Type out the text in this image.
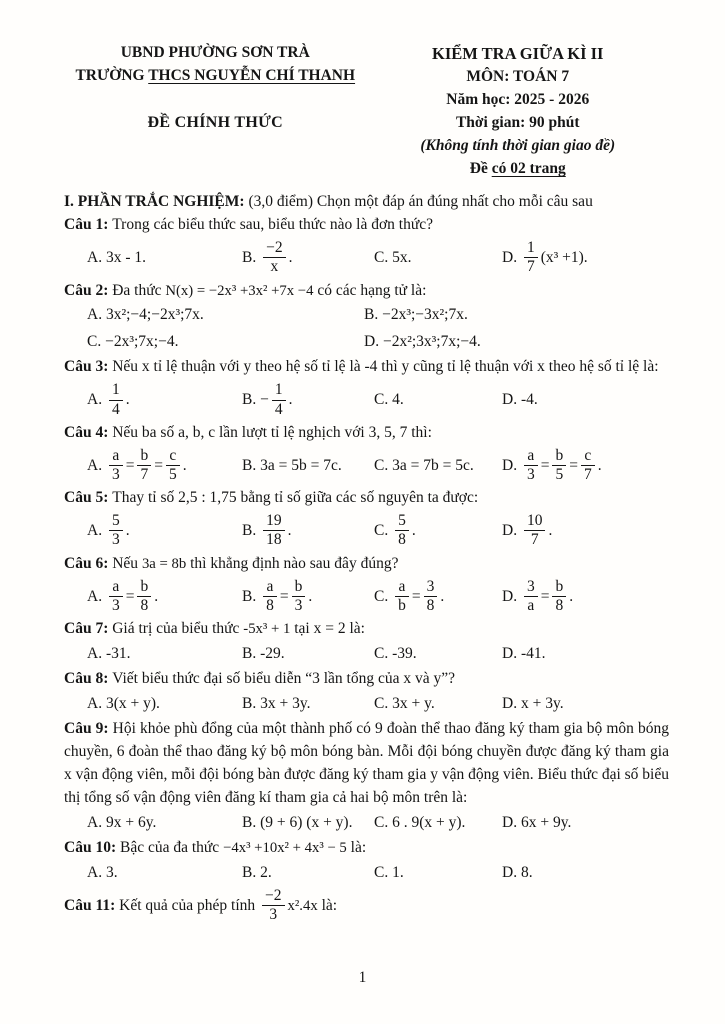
UBND PHƯỜNG SƠN TRÀ
TRƯỜNG THCS NGUYỄN CHÍ THANH
ĐỀ CHÍNH THỨC
KIỂM TRA GIỮA KÌ II
MÔN: TOÁN 7
Năm học: 2025 - 2026
Thời gian: 90 phút
(Không tính thời gian giao đề)
Đề có 02 trang
I. PHẦN TRẮC NGHIỆM: (3,0 điểm) Chọn một đáp án đúng nhất cho mỗi câu sau
Câu 1: Trong các biểu thức sau, biểu thức nào là đơn thức?
A. 3x - 1.	B. $\frac{-2}{x}$ .	C. 5x.	D. $\frac{1}{7} (x^3 +1)$.
Câu 2: Đa thức N(x) = −2x³ +3x² +7x −4 có các hạng tử là:
A. 3x²;−4;−2x³;7x.	B. −2x³;−3x²;7x.
C. −2x³;7x;−4.	D. −2x²;3x³;7x;−4.
Câu 3: Nếu x tỉ lệ thuận với y theo hệ số tỉ lệ là -4 thì y cũng tỉ lệ thuận với x theo hệ số tỉ lệ là:
A. $\frac{1}{4}$ .	B. − $\frac{1}{4}$ .	C. 4.	D. -4.
Câu 4: Nếu ba số a, b, c lần lượt tỉ lệ nghịch với 3, 5, 7 thì:
A. $\frac{a}{3} = \frac{b}{7} = \frac{c}{5}$ .	B. 3a = 5b = 7c.	C. 3a = 7b = 5c.	D. $\frac{a}{3} = \frac{b}{5} = \frac{c}{7}$ .
Câu 5: Thay tỉ số 2,5 : 1,75 bằng tỉ số giữa các số nguyên ta được:
A. $\frac{5}{3}$ .	B. $\frac{19}{18}$ .	C. $\frac{5}{8}$ .	D. $\frac{10}{7}$ .
Câu 6: Nếu 3a = 8b thì khẳng định nào sau đây đúng?
A. $\frac{a}{3} = \frac{b}{8}$ .	B. $\frac{a}{8} = \frac{b}{3}$ .	C. $\frac{a}{b} = \frac{3}{8}$ .	D. $\frac{3}{a} = \frac{b}{8}$ .
Câu 7: Giá trị của biểu thức -5x³ + 1 tại x = 2 là:
A. -31.	B. -29.	C. -39.	D. -41.
Câu 8: Viết biểu thức đại số biểu diễn “3 lần tổng của x và y”?
A. 3(x + y).	B. 3x + 3y.	C. 3x + y.	D. x + 3y.
Câu 9: Hội khỏe phù đổng của một thành phố có 9 đoàn thể thao đăng ký tham gia bộ môn bóng chuyền, 6 đoàn thể thao đăng ký bộ môn bóng bàn. Mỗi đội bóng chuyền được đăng ký tham gia x vận động viên, mỗi đội bóng bàn được đăng ký tham gia y vận động viên. Biểu thức đại số biểu thị tổng số vận động viên đăng kí tham gia cả hai bộ môn trên là:
A. 9x + 6y.	B. (9 + 6) (x + y).	C. 6 . 9(x + y).	D. 6x + 9y.
Câu 10: Bậc của đa thức −4x³ +10x² + 4x³ − 5 là:
A. 3.	B. 2.	C. 1.	D. 8.
Câu 11: Kết quả của phép tính $\frac{-2}{3} x^2.4x$ là:
1
